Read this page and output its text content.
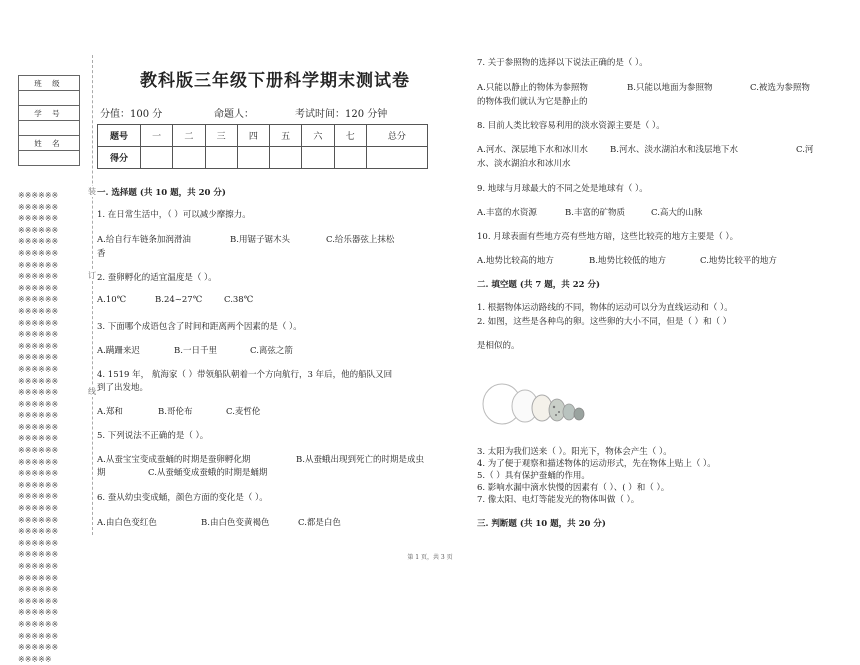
班 级

学 号

姓 名

※※※※※※
※※※※※※
※※※※※※
※※※※※※
※※※※※※
※※※※※※
※※※※※※
※※※※※※
※※※※※※
※※※※※※
※※※※※※
※※※※※※
※※※※※※
※※※※※※
※※※※※※
※※※※※※
※※※※※※
※※※※※※
※※※※※※
※※※※※※
※※※※※※
※※※※※※
※※※※※※
※※※※※※
※※※※※※
※※※※※※
※※※※※※
※※※※※※
※※※※※※
※※※※※※
※※※※※※
※※※※※※
※※※※※※
※※※※※※
※※※※※※
※※※※※※
※※※※※※
※※※※※※
※※※※※※
※※※※※※
※※※※※
装
订
线
教科版三年级下册科学期末测试卷
分值：100 分	命题人：	考试时间：120 分钟
题号	一	二	三	四	五	六	七	总分
得分								
一. 选择题 (共 10 题，共 20 分)
1. 在日常生活中，（ ）可以减少摩擦力。
A.给自行车链条加润滑油	B.用锯子锯木头	C.给乐器弦上抹松
香
2. 蚕卵孵化的适宜温度是（ ）。
A.10℃	B.24~27℃	C.38℃
3. 下面哪个成语包含了时间和距离两个因素的是（ ）。
A.蹒跚来迟	B.一日千里	C.离弦之箭
4. 1519 年， 航海家（ ）带领船队朝着一个方向航行，3 年后，他的船队又回
到了出发地。
A.郑和	B.哥伦布	C.麦哲伦
5. 下列说法不正确的是（ ）。
A.从蚕宝宝变成蚕蛹的时期是蚕卵孵化期	B.从蚕蛾出现到死亡的时期是成虫
期	C.从蚕蛹变成蚕蛾的时期是蛹期
6. 蚕从幼虫变成蛹，颜色方面的变化是（ ）。
A.由白色变红色	B.由白色变黄褐色	C.都是白色
7. 关于参照物的选择以下说法正确的是（ ）。
A.只能以静止的物体为参照物	B.只能以地面为参照物	C.被选为参照物
的物体我们就认为它是静止的
8. 目前人类比较容易利用的淡水资源主要是（ ）。
A.河水、深层地下水和冰川水	B.河水、淡水湖泊水和浅层地下水	C.河
水、淡水湖泊水和冰川水
9. 地球与月球最大的不同之处是地球有（ ）。
A.丰富的水资源	B.丰富的矿物质	C.高大的山脉
10. 月球表面有些地方亮有些地方暗，这些比较亮的地方主要是（ ）。
A.地势比较高的地方	B.地势比较低的地方	C.地势比较平的地方
二. 填空题 (共 7 题，共 22 分)
1. 根据物体运动路线的不同，物体的运动可以分为直线运动和（ ）。
2. 如图，这些是各种鸟的卵。这些卵的大小不同，但是（ ）和（ ）
是相似的。
3. 太阳为我们送来（ ）。阳光下，物体会产生（ ）。
4. 为了便于观察和描述物体的运动形式，先在物体上贴上（ ）。
5.（ ）具有保护蚕蛹的作用。
6. 影响水漏中滴水快慢的因素有（ ）、( ）和（ ）。
7. 像太阳、电灯等能发光的物体叫做（ ）。
三. 判断题 (共 10 题，共 20 分)
第 1 页，共 3 页
